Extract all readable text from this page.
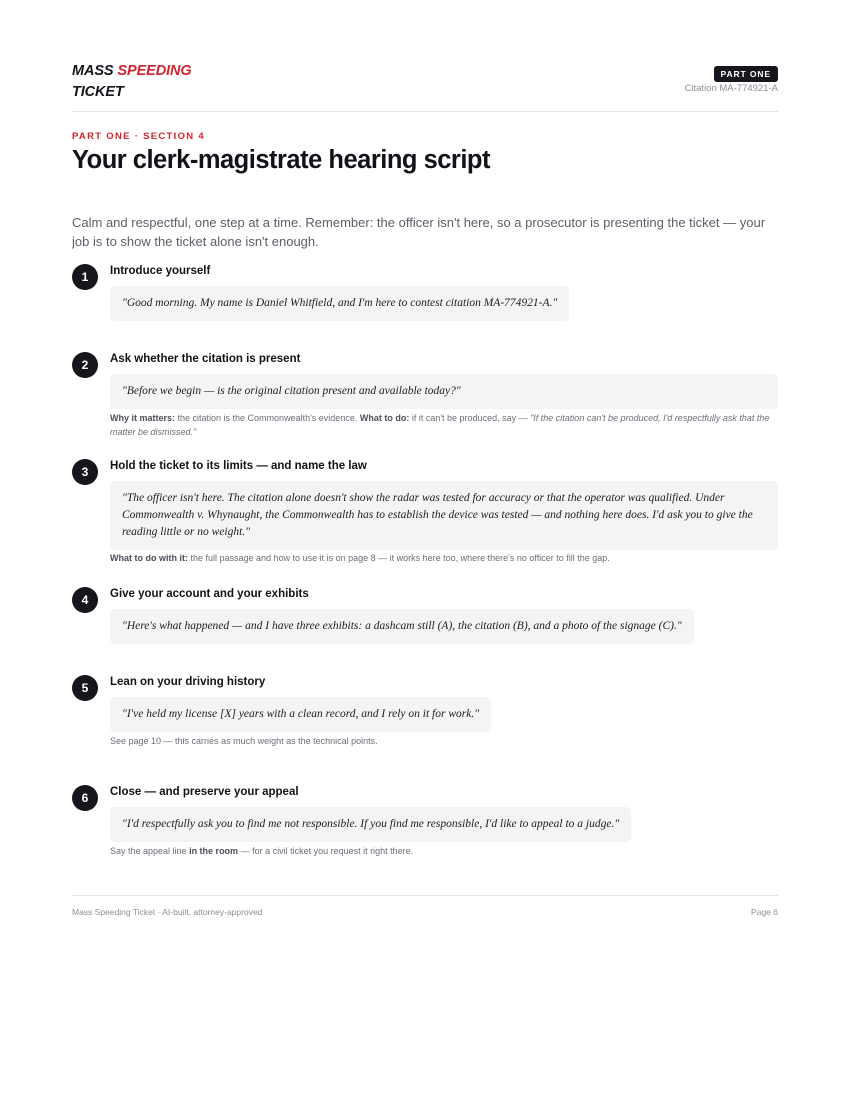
MASS SPEEDING
TICKET
PART ONE
Citation MA-774921-A
PART ONE · SECTION 4
Your clerk-magistrate hearing script

Calm and respectful, one step at a time. Remember: the officer isn't here, so a prosecutor is presenting the ticket — your job is to show the ticket alone isn't enough.

1	Introduce yourself
"Good morning. My name is Daniel Whitfield, and I'm here to contest citation MA-774921-A."
2	Ask whether the citation is present
"Before we begin — is the original citation present and available today?"
Why it matters: the citation is the Commonwealth's evidence. What to do: if it can't be produced, say — "If the citation can't be produced, I'd respectfully ask that the matter be dismissed."
3	Hold the ticket to its limits — and name the law
"The officer isn't here. The citation alone doesn't show the radar was tested for accuracy or that the operator was qualified. Under Commonwealth v. Whynaught, the Commonwealth has to establish the device was tested — and nothing here does. I'd ask you to give the reading little or no weight."
What to do with it: the full passage and how to use it is on page 8 — it works here too, where there's no officer to fill the gap.
4	Give your account and your exhibits
"Here's what happened — and I have three exhibits: a dashcam still (A), the citation (B), and a photo of the signage (C)."
5	Lean on your driving history
"I've held my license [X] years with a clean record, and I rely on it for work."
See page 10 — this carries as much weight as the technical points.
6	Close — and preserve your appeal
"I'd respectfully ask you to find me not responsible. If you find me responsible, I'd like to appeal to a judge."
Say the appeal line in the room — for a civil ticket you request it right there.
Mass Speeding Ticket · AI-built, attorney-approved	Page 6
